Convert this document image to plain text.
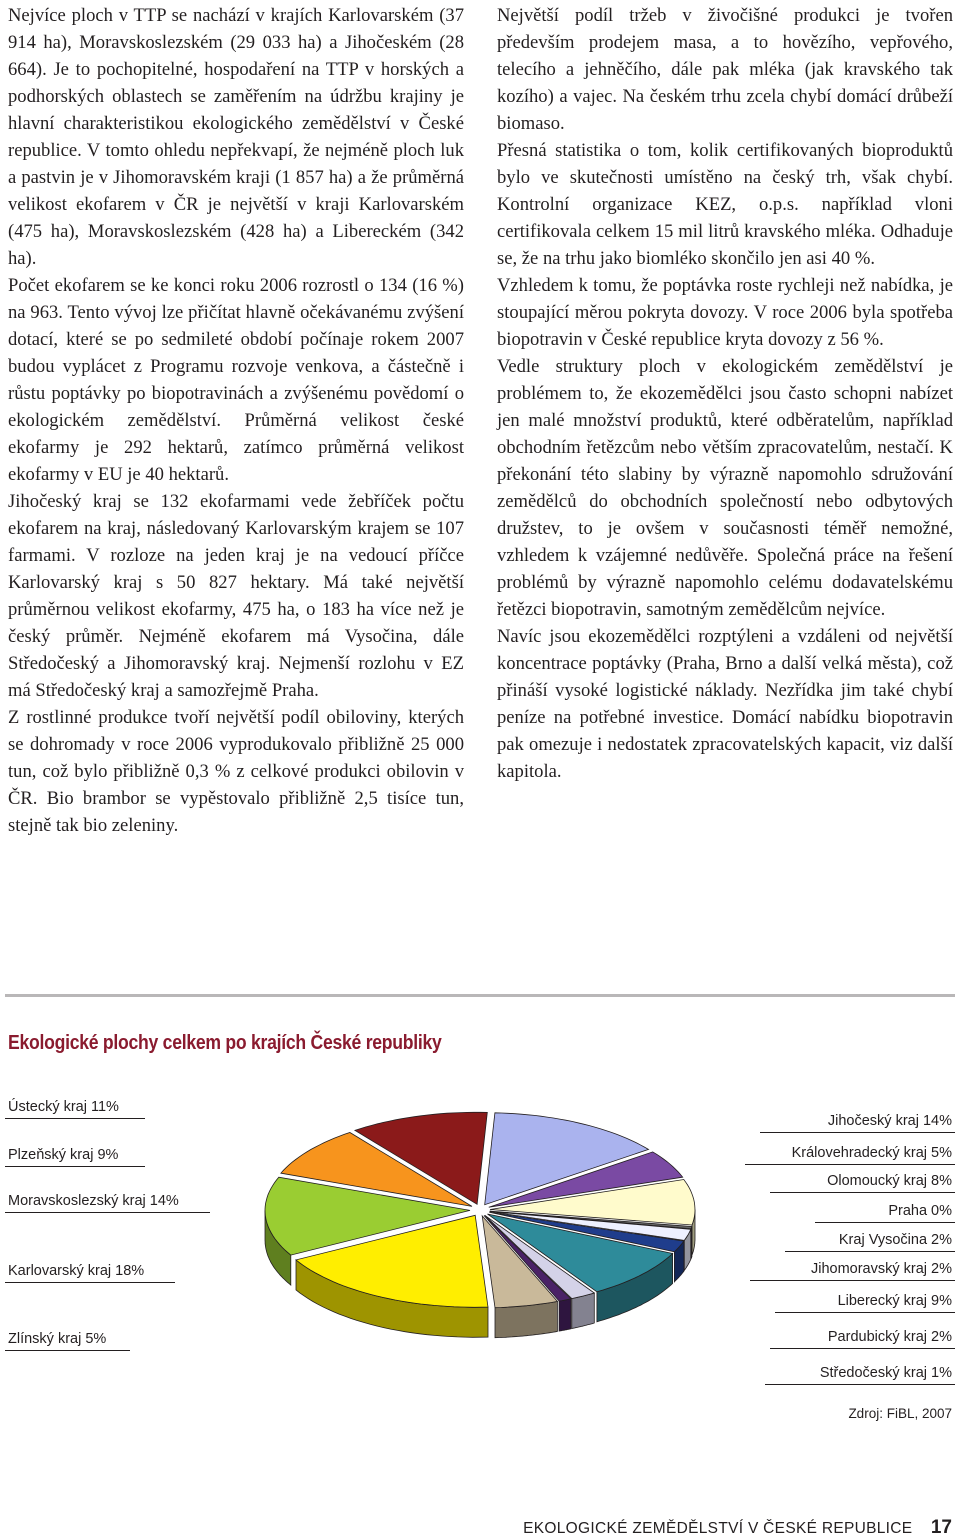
Nejvíce ploch v TTP se nachází v krajích Karlovarském (37 914 ha), Moravskoslezském (29 033 ha) a Jihočeském (28 664). Je to pochopitelné, hospodaření na TTP v horských a podhorských oblastech se zaměřením na údržbu krajiny je hlavní charakteristikou ekologického zemědělství v České republice. V tomto ohledu nepřekvapí, že nejméně ploch luk a pastvin je v Jihomoravském kraji (1 857 ha) a že průměrná velikost ekofarem v ČR je největší v kraji Karlovarském (475 ha), Moravskoslezském (428 ha) a Libereckém (342 ha).

Počet ekofarem se ke konci roku 2006 rozrostl o 134 (16 %) na 963. Tento vývoj lze přičítat hlavně očekávanému zvýšení dotací, které se po sedmileté období počínaje rokem 2007 budou vyplácet z Programu rozvoje venkova, a částečně i růstu poptávky po biopotravinách a zvýšenému povědomí o ekologickém zemědělství. Průměrná velikost české ekofarmy je 292 hektarů, zatímco průměrná velikost ekofarmy v EU je 40 hektarů.

Jihočeský kraj se 132 ekofarmami vede žebříček počtu ekofarem na kraj, následovaný Karlovarským krajem se 107 farmami. V rozloze na jeden kraj je na vedoucí příčce Karlovarský kraj s 50 827 hektary. Má také největší průměrnou velikost ekofarmy, 475 ha, o 183 ha více než je český průměr. Nejméně ekofarem má Vysočina, dále Středočeský a Jihomoravský kraj. Nejmenší rozlohu v EZ má Středočeský kraj a samozřejmě Praha.

Z rostlinné produkce tvoří největší podíl obiloviny, kterých se dohromady v roce 2006 vyprodukovalo přibližně 25 000 tun, což bylo přibližně 0,3 % z celkové produkci obilovin v ČR. Bio brambor se vypěstovalo přibližně 2,5 tisíce tun, stejně tak bio zeleniny.

Největší podíl tržeb v živočišné produkci je tvořen především prodejem masa, a to hovězího, vepřového, telecího a jehněčího, dále pak mléka (jak kravského tak kozího) a vajec. Na českém trhu zcela chybí domácí drůbeží biomaso.

Přesná statistika o tom, kolik certifikovaných bioproduktů bylo ve skutečnosti umístěno na český trh, však chybí. Kontrolní organizace KEZ, o.p.s. například vloni certifikovala celkem 15 mil litrů kravského mléka. Odhaduje se, že na trhu jako biomléko skončilo jen asi 40 %.

Vzhledem k tomu, že poptávka roste rychleji než nabídka, je stoupající měrou pokryta dovozy. V roce 2006 byla spotřeba biopotravin v České republice kryta dovozy z 56 %.

Vedle struktury ploch v ekologickém zemědělství je problémem to, že ekozemědělci jsou často schopni nabízet jen malé množství produktů, které odběratelům, například obchodním řetězcům nebo větším zpracovatelům, nestačí. K překonání této slabiny by výrazně napomohlo sdružování zemědělců do obchodních společností nebo odbytových družstev, to je ovšem v současnosti téměř nemožné, vzhledem k vzájemné nedůvěře. Společná práce na řešení problémů by výrazně napomohlo celému dodavatelskému řetězci biopotravin, samotným zemědělcům nejvíce.

Navíc jsou ekozemědělci rozptýleni a vzdáleni od největší koncentrace poptávky (Praha, Brno a další velká města), což přináší vysoké logistické náklady. Nezřídka jim také chybí peníze na potřebné investice. Domácí nabídku biopotravin pak omezuje i nedostatek zpracovatelských kapacit, viz další kapitola.

Ekologické plochy celkem po krajích České republiky
Ústecký kraj 11%
Plzeňský kraj 9%
Moravskoslezský kraj 14%
Karlovarský kraj 18%
Zlínský kraj 5%
Středočeský kraj 1%
Pardubický kraj 2%
Liberecký kraj 9%
Jihomoravský kraj 2%
Kraj Vysočina 2%
Praha 0%
Olomoucký kraj 8%
Královehradecký kraj 5%
Jihočeský kraj 14%
Zdroj: FiBL, 2007
EKOLOGICKÉ ZEMĚDĚLSTVÍ V ČESKÉ REPUBLICE 17
